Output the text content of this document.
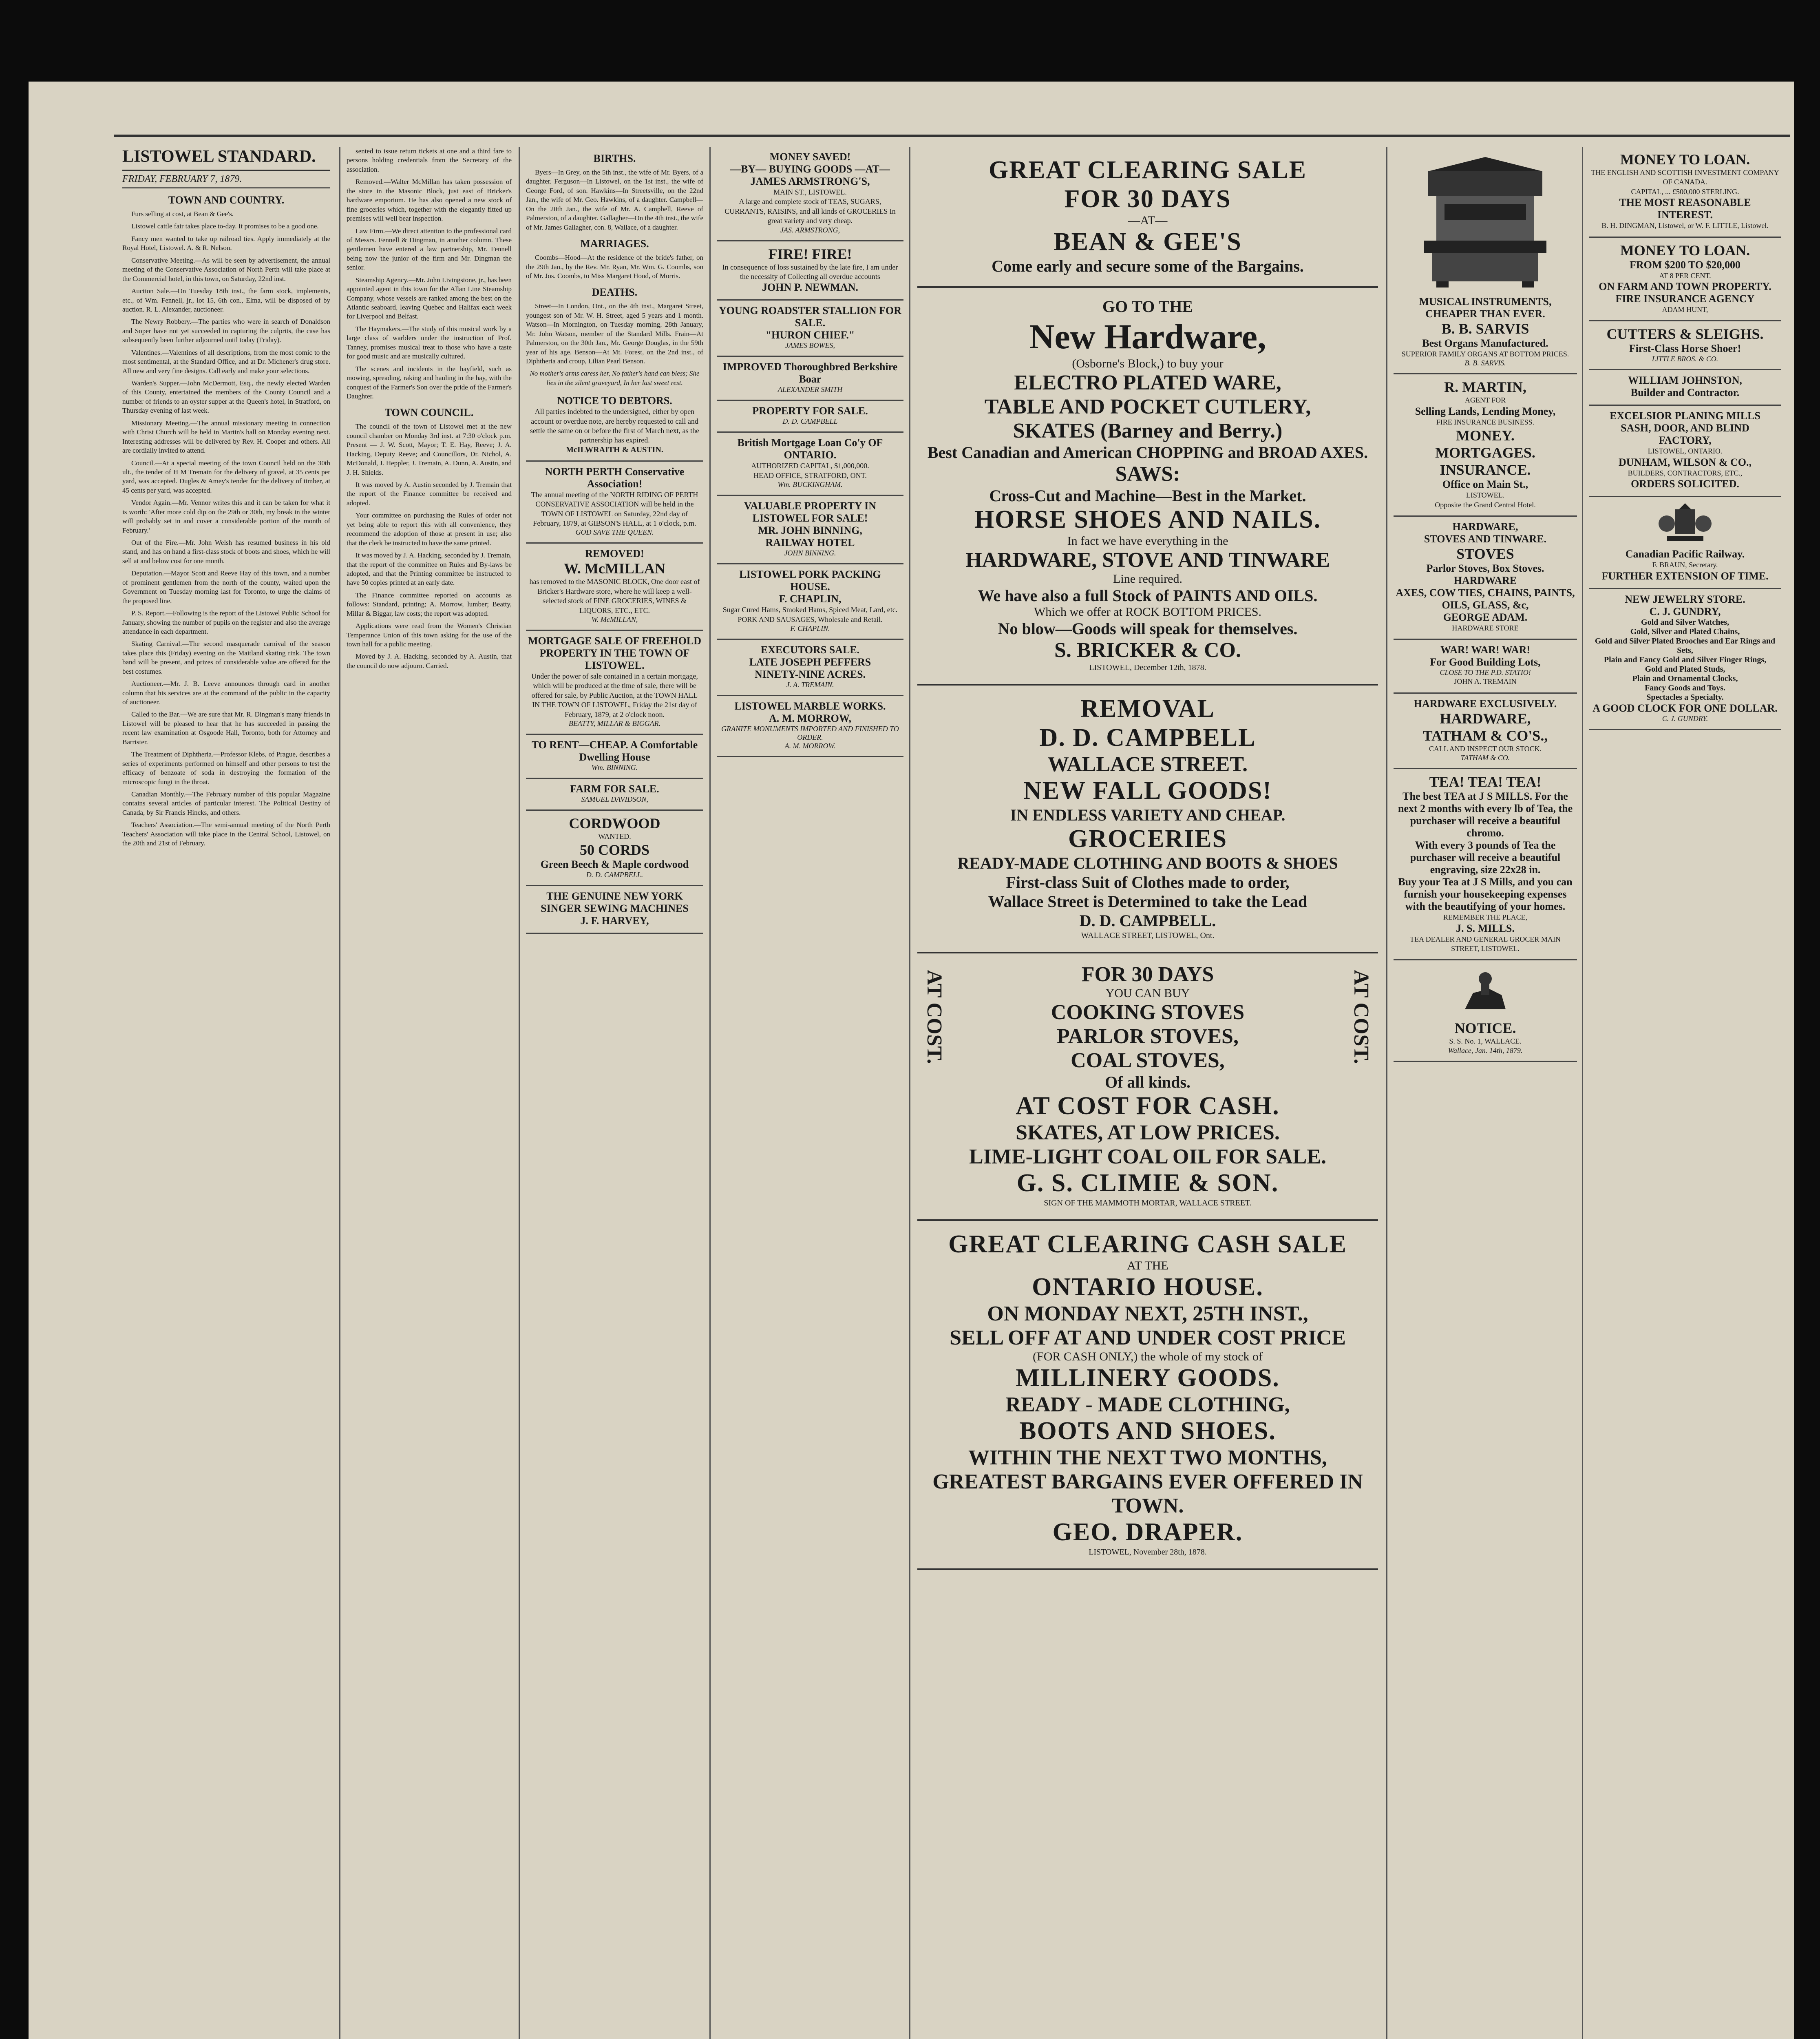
LISTOWEL STANDARD.
FRIDAY, FEBRUARY 7, 1879.
TOWN AND COUNTRY.

Furs selling at cost, at Bean & Gee's.

Listowel cattle fair takes place to-day. It promises to be a good one.

Fancy men wanted to take up railroad ties. Apply immediately at the Royal Hotel, Listowel. A. & R. Nelson.

Conservative Meeting.—As will be seen by advertisement, the annual meeting of the Conservative Association of North Perth will take place at the Commercial hotel, in this town, on Saturday, 22nd inst.

Auction Sale.—On Tuesday 18th inst., the farm stock, implements, etc., of Wm. Fennell, jr., lot 15, 6th con., Elma, will be disposed of by auction. R. L. Alexander, auctioneer.

The Newry Robbery.—The parties who were in search of Donaldson and Soper have not yet succeeded in capturing the culprits, the case has subsequently been further adjourned until today (Friday).

Valentines.—Valentines of all descriptions, from the most comic to the most sentimental, at the Standard Office, and at Dr. Michener's drug store. All new and very fine designs. Call early and make your selections.

Warden's Supper.—John McDermott, Esq., the newly elected Warden of this County, entertained the members of the County Council and a number of friends to an oyster supper at the Queen's hotel, in Stratford, on Thursday evening of last week.

Missionary Meeting.—The annual missionary meeting in connection with Christ Church will be held in Martin's hall on Monday evening next. Interesting addresses will be delivered by Rev. H. Cooper and others. All are cordially invited to attend.

Council.—At a special meeting of the town Council held on the 30th ult., the tender of H M Tremain for the delivery of gravel, at 35 cents per yard, was accepted. Dugles & Amey's tender for the delivery of timber, at 45 cents per yard, was accepted.

Vendor Again.—Mr. Vennor writes this and it can be taken for what it is worth: 'After more cold dip on the 29th or 30th, my break in the winter will probably set in and cover a considerable portion of the month of February.'

Out of the Fire.—Mr. John Welsh has resumed business in his old stand, and has on hand a first-class stock of boots and shoes, which he will sell at and below cost for one month.

Deputation.—Mayor Scott and Reeve Hay of this town, and a number of prominent gentlemen from the north of the county, waited upon the Government on Tuesday morning last for Toronto, to urge the claims of the proposed line.

P. S. Report.—Following is the report of the Listowel Public School for January, showing the number of pupils on the register and also the average attendance in each department.

Skating Carnival.—The second masquerade carnival of the season takes place this (Friday) evening on the Maitland skating rink. The town band will be present, and prizes of considerable value are offered for the best costumes.

Auctioneer.—Mr. J. B. Leeve announces through card in another column that his services are at the command of the public in the capacity of auctioneer.

Called to the Bar.—We are sure that Mr. R. Dingman's many friends in Listowel will be pleased to hear that he has succeeded in passing the recent law examination at Osgoode Hall, Toronto, both for Attorney and Barrister.

The Treatment of Diphtheria.—Professor Klebs, of Prague, describes a series of experiments performed on himself and other persons to test the efficacy of benzoate of soda in destroying the formation of the microscopic fungi in the throat.

Canadian Monthly.—The February number of this popular Magazine contains several articles of particular interest. The Political Destiny of Canada, by Sir Francis Hincks, and others.

Teachers' Association.—The semi-annual meeting of the North Perth Teachers' Association will take place in the Central School, Listowel, on the 20th and 21st of February.

sented to issue return tickets at one and a third fare to persons holding credentials from the Secretary of the association.

Removed.—Walter McMillan has taken possession of the store in the Masonic Block, just east of Bricker's hardware emporium. He has also opened a new stock of fine groceries which, together with the elegantly fitted up premises will well bear inspection.

Law Firm.—We direct attention to the professional card of Messrs. Fennell & Dingman, in another column. These gentlemen have entered a law partnership, Mr. Fennell being now the junior of the firm and Mr. Dingman the senior.

Steamship Agency.—Mr. John Livingstone, jr., has been appointed agent in this town for the Allan Line Steamship Company, whose vessels are ranked among the best on the Atlantic seaboard, leaving Quebec and Halifax each week for Liverpool and Belfast.

The Haymakers.—The study of this musical work by a large class of warblers under the instruction of Prof. Tanney, promises musical treat to those who have a taste for good music and are musically cultured.

The scenes and incidents in the hayfield, such as mowing, spreading, raking and hauling in the hay, with the conquest of the Farmer's Son over the pride of the Farmer's Daughter.

TOWN COUNCIL.

The council of the town of Listowel met at the new council chamber on Monday 3rd inst. at 7:30 o'clock p.m. Present — J. W. Scott, Mayor; T. E. Hay, Reeve; J. A. Hacking, Deputy Reeve; and Councillors, Dr. Nichol, A. McDonald, J. Heppler, J. Tremain, A. Dunn, A. Austin, and J. H. Shields.

It was moved by A. Austin seconded by J. Tremain that the report of the Finance committee be received and adopted.

Your committee on purchasing the Rules of order not yet being able to report this with all convenience, they recommend the adoption of those at present in use; also that the clerk be instructed to have the same printed.

It was moved by J. A. Hacking, seconded by J. Tremain, that the report of the committee on Rules and By-laws be adopted, and that the Printing committee be instructed to have 50 copies printed at an early date.

The Finance committee reported on accounts as follows: Standard, printing; A. Morrow, lumber; Beatty, Millar & Biggar, law costs; the report was adopted.

Applications were read from the Women's Christian Temperance Union of this town asking for the use of the town hall for a public meeting.

Moved by J. A. Hacking, seconded by A. Austin, that the council do now adjourn. Carried.

BIRTHS.

Byers—In Grey, on the 5th inst., the wife of Mr. Byers, of a daughter. Ferguson—In Listowel, on the 1st inst., the wife of George Ford, of son. Hawkins—In Streetsville, on the 22nd Jan., the wife of Mr. Geo. Hawkins, of a daughter. Campbell—On the 20th Jan., the wife of Mr. A. Campbell, Reeve of Palmerston, of a daughter. Gallagher—On the 4th inst., the wife of Mr. James Gallagher, con. 8, Wallace, of a daughter.

MARRIAGES.

Coombs—Hood—At the residence of the bride's father, on the 29th Jan., by the Rev. Mr. Ryan, Mr. Wm. G. Coombs, son of Mr. Jos. Coombs, to Miss Margaret Hood, of Morris.

DEATHS.

Street—In London, Ont., on the 4th inst., Margaret Street, youngest son of Mr. W. H. Street, aged 5 years and 1 month. Watson—In Mornington, on Tuesday morning, 28th January, Mr. John Watson, member of the Standard Mills. Frain—At Palmerston, on the 30th Jan., Mr. George Douglas, in the 59th year of his age. Benson—At Mt. Forest, on the 2nd inst., of Diphtheria and croup, Lilian Pearl Benson.

No mother's arms caress her, No father's hand can bless; She lies in the silent graveyard, In her last sweet rest.

NOTICE TO DEBTORS.
All parties indebted to the undersigned, either by open account or overdue note, are hereby requested to call and settle the same on or before the first of March next, as the partnership has expired.
McILWRAITH & AUSTIN.
NORTH PERTH Conservative Association!
The annual meeting of the NORTH RIDING OF PERTH CONSERVATIVE ASSOCIATION will be held in the TOWN OF LISTOWEL on Saturday, 22nd day of February, 1879, at GIBSON'S HALL, at 1 o'clock, p.m.
GOD SAVE THE QUEEN.
REMOVED!
W. McMILLAN
has removed to the MASONIC BLOCK, One door east of Bricker's Hardware store, where he will keep a well-selected stock of FINE GROCERIES, WINES & LIQUORS, ETC., ETC.
W. McMILLAN,
MORTGAGE SALE OF FREEHOLD PROPERTY IN THE TOWN OF LISTOWEL.
Under the power of sale contained in a certain mortgage, which will be produced at the time of sale, there will be offered for sale, by Public Auction, at the TOWN HALL IN THE TOWN OF LISTOWEL, Friday the 21st day of February, 1879, at 2 o'clock noon.
BEATTY, MILLAR & BIGGAR.
TO RENT—CHEAP. A Comfortable Dwelling House
Wm. BINNING.
FARM FOR SALE.
SAMUEL DAVIDSON,
CORDWOOD
WANTED.
50 CORDS
Green Beech & Maple cordwood
D. D. CAMPBELL.
THE GENUINE NEW YORK SINGER SEWING MACHINES
J. F. HARVEY,
MONEY SAVED!
—BY— BUYING GOODS —AT— JAMES ARMSTRONG'S,
MAIN ST., LISTOWEL.
A large and complete stock of TEAS, SUGARS, CURRANTS, RAISINS, and all kinds of GROCERIES In great variety and very cheap.
JAS. ARMSTRONG,
FIRE! FIRE!
In consequence of loss sustained by the late fire, I am under the necessity of Collecting all overdue accounts
JOHN P. NEWMAN.
YOUNG ROADSTER STALLION FOR SALE.
"HURON CHIEF."
JAMES BOWES,
IMPROVED Thoroughbred Berkshire Boar
ALEXANDER SMITH
PROPERTY FOR SALE.
D. D. CAMPBELL
British Mortgage Loan Co'y OF ONTARIO.
AUTHORIZED CAPITAL, $1,000,000.
HEAD OFFICE, STRATFORD, ONT.
Wm. BUCKINGHAM.
VALUABLE PROPERTY IN LISTOWEL FOR SALE!
MR. JOHN BINNING,
RAILWAY HOTEL
JOHN BINNING.
LISTOWEL PORK PACKING HOUSE.
F. CHAPLIN,
Sugar Cured Hams, Smoked Hams, Spiced Meat, Lard, etc. PORK AND SAUSAGES, Wholesale and Retail.
F. CHAPLIN.
EXECUTORS SALE.
LATE JOSEPH PEFFERS
NINETY-NINE ACRES.
J. A. TREMAIN.
LISTOWEL MARBLE WORKS.
A. M. MORROW,
GRANITE MONUMENTS IMPORTED AND FINISHED TO ORDER.
A. M. MORROW.
GREAT CLEARING SALE
FOR 30 DAYS
—AT—
BEAN & GEE'S
Come early and secure some of the Bargains.
GO TO THE
New Hardware,
(Osborne's Block,) to buy your
ELECTRO PLATED WARE,
TABLE AND POCKET CUTLERY,
SKATES (Barney and Berry.)
Best Canadian and American CHOPPING and BROAD AXES.
SAWS:
Cross-Cut and Machine—Best in the Market.
HORSE SHOES AND NAILS.
In fact we have everything in the
HARDWARE, STOVE AND TINWARE
Line required.
We have also a full Stock of PAINTS AND OILS.
Which we offer at ROCK BOTTOM PRICES.
No blow—Goods will speak for themselves.
S. BRICKER & CO.
LISTOWEL, December 12th, 1878.
REMOVAL
D. D. CAMPBELL
WALLACE STREET.
NEW FALL GOODS!
IN ENDLESS VARIETY AND CHEAP.
GROCERIES
READY-MADE CLOTHING AND BOOTS & SHOES
First-class Suit of Clothes made to order,
Wallace Street is Determined to take the Lead
D. D. CAMPBELL.
WALLACE STREET, LISTOWEL, Ont.
AT COST.	AT COST.
FOR 30 DAYS
YOU CAN BUY
COOKING STOVES
PARLOR STOVES,
COAL STOVES,
Of all kinds.
AT COST FOR CASH.
SKATES, AT LOW PRICES.
LIME-LIGHT COAL OIL FOR SALE.
G. S. CLIMIE & SON.
SIGN OF THE MAMMOTH MORTAR, WALLACE STREET.
GREAT CLEARING CASH SALE
AT THE
ONTARIO HOUSE.
ON MONDAY NEXT, 25TH INST.,
SELL OFF AT AND UNDER COST PRICE
(FOR CASH ONLY,) the whole of my stock of
MILLINERY GOODS.
READY - MADE CLOTHING,
BOOTS AND SHOES.
WITHIN THE NEXT TWO MONTHS,
GREATEST BARGAINS EVER OFFERED IN TOWN.
GEO. DRAPER.
LISTOWEL, November 28th, 1878.
MUSICAL INSTRUMENTS,
CHEAPER THAN EVER.
B. B. SARVIS
Best Organs Manufactured.
SUPERIOR FAMILY ORGANS AT BOTTOM PRICES.
B. B. SARVIS.
R. MARTIN,
AGENT FOR
Selling Lands, Lending Money,
FIRE INSURANCE BUSINESS.
MONEY.
MORTGAGES.
INSURANCE.
Office on Main St.,
LISTOWEL.
Opposite the Grand Central Hotel.
HARDWARE,
STOVES AND TINWARE.
STOVES
Parlor Stoves, Box Stoves.
HARDWARE
AXES, COW TIES, CHAINS, PAINTS, OILS, GLASS, &c,
GEORGE ADAM.
HARDWARE STORE
WAR! WAR! WAR!
For Good Building Lots,
CLOSE TO THE P.D. STATIO!
JOHN A. TREMAIN
HARDWARE EXCLUSIVELY.
HARDWARE,
TATHAM & CO'S.,
CALL AND INSPECT OUR STOCK.
TATHAM & CO.
TEA! TEA! TEA!
The best TEA at J S MILLS. For the next 2 months with every lb of Tea, the purchaser will receive a beautiful chromo.
With every 3 pounds of Tea the purchaser will receive a beautiful engraving, size 22x28 in.
Buy your Tea at J S Mills, and you can furnish your housekeeping expenses with the beautifying of your homes.
REMEMBER THE PLACE,
J. S. MILLS.
TEA DEALER AND GENERAL GROCER MAIN STREET, LISTOWEL.
NOTICE.
S. S. No. 1, WALLACE.
Wallace, Jan. 14th, 1879.
MONEY TO LOAN.
THE ENGLISH AND SCOTTISH INVESTMENT COMPANY OF CANADA.
CAPITAL, ... £500,000 STERLING.
THE MOST REASONABLE INTEREST.
B. H. DINGMAN, Listowel, or W. F. LITTLE, Listowel.
MONEY TO LOAN.
FROM $200 TO $20,000
AT 8 PER CENT.
ON FARM AND TOWN PROPERTY.
FIRE INSURANCE AGENCY
ADAM HUNT,
CUTTERS & SLEIGHS.
First-Class Horse Shoer!
LITTLE BROS. & CO.
WILLIAM JOHNSTON,
Builder and Contractor.
EXCELSIOR PLANING MILLS
SASH, DOOR, AND BLIND
FACTORY,
LISTOWEL, ONTARIO.
DUNHAM, WILSON & CO.,
BUILDERS, CONTRACTORS, ETC.,
ORDERS SOLICITED.
Canadian Pacific Railway.
F. BRAUN, Secretary.
FURTHER EXTENSION OF TIME.
NEW JEWELRY STORE.
C. J. GUNDRY,
Gold and Silver Watches,
Gold, Silver and Plated Chains,
Gold and Silver Plated Brooches and Ear Rings and Sets,
Plain and Fancy Gold and Silver Finger Rings,
Gold and Plated Studs,
Plain and Ornamental Clocks,
Fancy Goods and Toys.
Spectacles a Specialty.
A GOOD CLOCK FOR ONE DOLLAR.
C. J. GUNDRY.
